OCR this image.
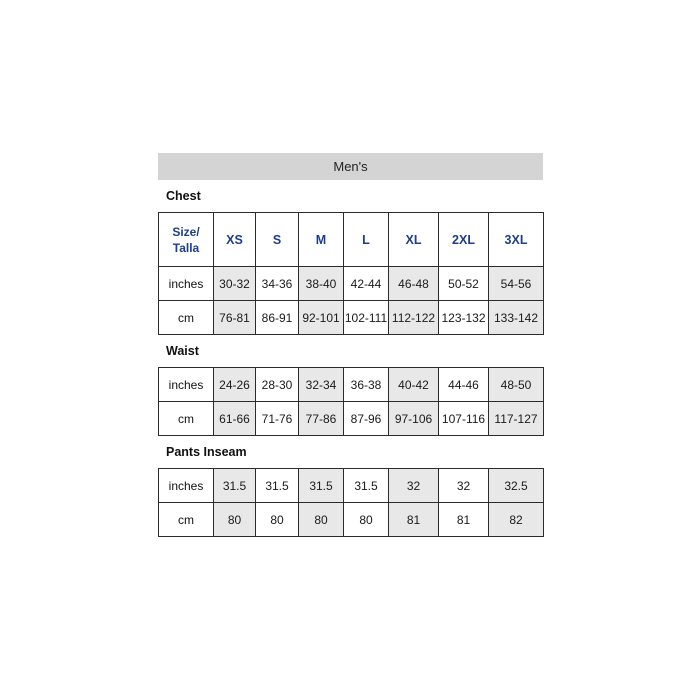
Men's
Chest
Size/
Talla	XS	S	M	L	XL	2XL	3XL
inches	30-32	34-36	38-40	42-44	46-48	50-52	54-56
cm	76-81	86-91	92-101	102-111	112-122	123-132	133-142
Waist
inches	24-26	28-30	32-34	36-38	40-42	44-46	48-50
cm	61-66	71-76	77-86	87-96	97-106	107-116	117-127
Pants Inseam
inches	31.5	31.5	31.5	31.5	32	32	32.5
cm	80	80	80	80	81	81	82
